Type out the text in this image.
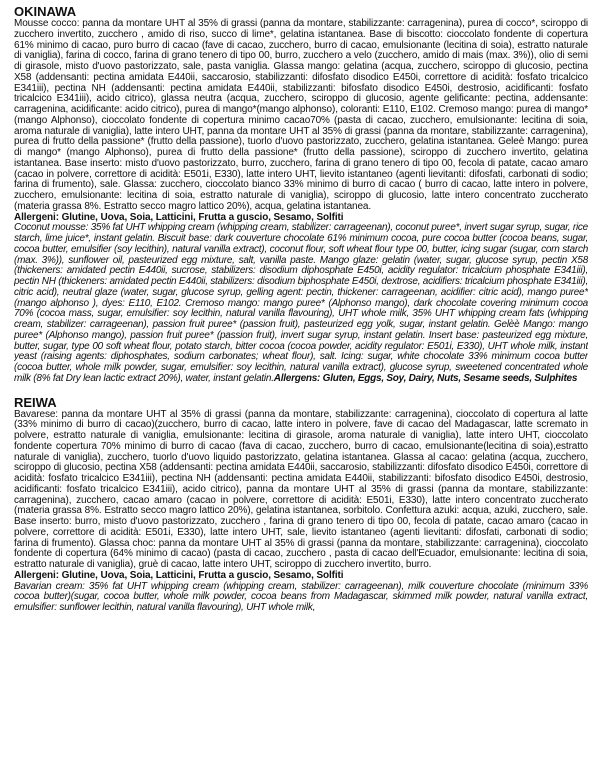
OKINAWA

Mousse cocco: panna da montare UHT al 35% di grassi (panna da montare, stabilizzante: carragenina), purea di cocco*, sciroppo di zucchero invertito, zucchero , amido di riso, succo di lime*, gelatina istantanea. Base di biscotto: cioccolato fondente di copertura 61% minimo di cacao, puro burro di cacao (fave di cacao, zucchero, burro di cacao, emulsionante (lecitina di soia), estratto naturale di vaniglia), farina di cocco, farina di grano tenero di tipo 00, burro, zucchero a velo (zucchero, amido di mais (max. 3%)), olio di semi di girasole, misto d'uovo pastorizzato, sale, pasta vaniglia. Glassa mango: gelatina (acqua, zucchero, sciroppo di glucosio, pectina X58 (addensanti: pectina amidata E440ii, saccarosio, stabilizzanti: difosfato disodico E450i, correttore di acidità: fosfato tricalcico E341iii), pectina NH (addensanti: pectina amidata E440ii, stabilizzanti: bifosfato disodico E450i, destrosio, acidificanti: fosfato tricalcico E341iii), acido citrico), glassa neutra (acqua, zucchero, sciroppo di glucosio, agente gelificante: pectina, addensante: carragenina, acidificante: acido citrico), purea di mango*(mango alphonso), coloranti: E110, E102. Cremoso mango: purea di mango* (mango Alphonso), cioccolato fondente di copertura minimo cacao70% (pasta di cacao, zucchero, emulsionante: lecitina di soia, aroma naturale di vaniglia), latte intero UHT, panna da montare UHT al 35% di grassi (panna da montare, stabilizzante: carragenina), purea di frutto della passione* (frutto della passione), tuorlo d'uovo pastorizzato, zucchero, gelatina istantanea. Geleè Mango: purea di mango* (mango Alphonso), purea di frutto della passione* (frutto della passione), sciroppo di zucchero invertito, gelatina istantanea. Base inserto: misto d'uovo pastorizzato, burro, zucchero, farina di grano tenero di tipo 00, fecola di patate, cacao amaro (cacao in polvere, correttore di acidità: E501i, E330), latte intero UHT, lievito istantaneo (agenti lievitanti: difosfati, carbonati di sodio; farina di frumento), sale. Glassa: zucchero, cioccolato bianco 33% minimo di burro di cacao ( burro di cacao, latte intero in polvere, zucchero, emulsionante: lecitina di soia, estratto naturale di vaniglia), sciroppo di glucosio, latte intero concentrato zuccherato (materia grassa 8%. Estratto secco magro lattico 20%), acqua, gelatina istantanea.

Allergeni: Glutine, Uova, Soia, Latticini, Frutta a guscio, Sesamo, Solfiti

Coconut mousse: 35% fat UHT whipping cream (whipping cream, stabilizer: carrageenan), coconut puree*, invert sugar syrup, sugar, rice starch, lime juice*, instant gelatin. Biscuit base: dark couverture chocolate 61% minimum cocoa, pure cocoa butter (cocoa beans, sugar, cocoa butter, emulsifier (soy lecithin), natural vanilla extract), coconut flour, soft wheat flour type 00, butter, icing sugar (sugar, corn starch (max. 3%)), sunflower oil, pasteurized egg mixture, salt, vanilla paste. Mango glaze: gelatin (water, sugar, glucose syrup, pectin X58 (thickeners: amidated pectin E440ii, sucrose, stabilizers: disodium diphosphate E450i, acidity regulator: tricalcium phosphate E341iii), pectin NH (thickeners: amidated pectin E440ii, stabilizers: disodium biphosphate E450i, dextrose, acidifiers: tricalcium phosphate E341iii), citric acid), neutral glaze (water, sugar, glucose syrup, gelling agent: pectin, thickener: carrageenan, acidifier: citric acid), mango puree* (mango alphonso ), dyes: E110, E102. Cremoso mango: mango puree* (Alphonso mango), dark chocolate covering minimum cocoa 70% (cocoa mass, sugar, emulsifier: soy lecithin, natural vanilla flavouring), UHT whole milk, 35% UHT whipping cream fats (whipping cream, stabilizer: carrageenan), passion fruit puree* (passion fruit), pasteurized egg yolk, sugar, instant gelatin. Gelèè Mango: mango puree* (Alphonso mango), passion fruit puree* (passion fruit), invert sugar syrup, instant gelatin. Insert base: pasteurized egg mixture, butter, sugar, type 00 soft wheat flour, potato starch, bitter cocoa (cocoa powder, acidity regulator: E501i, E330), UHT whole milk, instant yeast (raising agents: diphosphates, sodium carbonates; wheat flour), salt. Icing: sugar, white chocolate 33% minimum cocoa butter (cocoa butter, whole milk powder, sugar, emulsifier: soy lecithin, natural vanilla extract), glucose syrup, sweetened concentrated whole milk (8% fat Dry lean lactic extract 20%), water, instant gelatin.Allergens: Gluten, Eggs, Soy, Dairy, Nuts, Sesame seeds, Sulphites

REIWA

Bavarese: panna da montare UHT al 35% di grassi (panna da montare, stabilizzante: carragenina), cioccolato di copertura al latte (33% minimo di burro di cacao)(zucchero, burro di cacao, latte intero in polvere, fave di cacao del Madagascar, latte scremato in polvere, estratto naturale di vaniglia, emulsionante: lecitina di girasole, aroma naturale di vaniglia), latte intero UHT, cioccolato fondente copertura 70% minimo di burro di cacao (fava di cacao, zucchero, burro di cacao, emulsionante(lecitina di soia),estratto naturale di vaniglia), zucchero, tuorlo d'uovo liquido pastorizzato, gelatina istantanea. Glassa al cacao: gelatina (acqua, zucchero, sciroppo di glucosio, pectina X58 (addensanti: pectina amidata E440ii, saccarosio, stabilizzanti: difosfato disodico E450i, correttore di acidità: fosfato tricalcico E341iii), pectina NH (addensanti: pectina amidata E440ii, stabilizzanti: bifosfato disodico E450i, destrosio, acidificanti: fosfato tricalcico E341iii), acido citrico), panna da montare UHT al 35% di grassi (panna da montare, stabilizzante: carragenina), zucchero, cacao amaro (cacao in polvere, correttore di acidità: E501i, E330), latte intero concentrato zuccherato (materia grassa 8%. Estratto secco magro lattico 20%), gelatina istantanea, sorbitolo. Confettura azuki: acqua, azuki, zucchero, sale. Base inserto: burro, misto d'uovo pastorizzato, zucchero , farina di grano tenero di tipo 00, fecola di patate, cacao amaro (cacao in polvere, correttore di acidità: E501i, E330), latte intero UHT, sale, lievito istantaneo (agenti lievitanti: difosfati, carbonati di sodio; farina di frumento). Glassa choc: panna da montare UHT al 35% di grassi (panna da montare, stabilizzante: carragenina), cioccolato fondente di copertura (64% minimo di cacao) (pasta di cacao, zucchero , pasta di cacao dell'Ecuador, emulsionante: lecitina di soia, estratto naturale di vaniglia), gruè di cacao, latte intero UHT, sciroppo di zucchero invertito, burro.

Allergeni: Glutine, Uova, Soia, Latticini, Frutta a guscio, Sesamo, Solfiti

Bavarian cream: 35% fat UHT whipping cream (whipping cream, stabilizer: carrageenan), milk couverture chocolate (minimum 33% cocoa butter)(sugar, cocoa butter, whole milk powder, cocoa beans from Madagascar, skimmed milk powder, natural vanilla extract, emulsifier: sunflower lecithin, natural vanilla flavouring), UHT whole milk,
